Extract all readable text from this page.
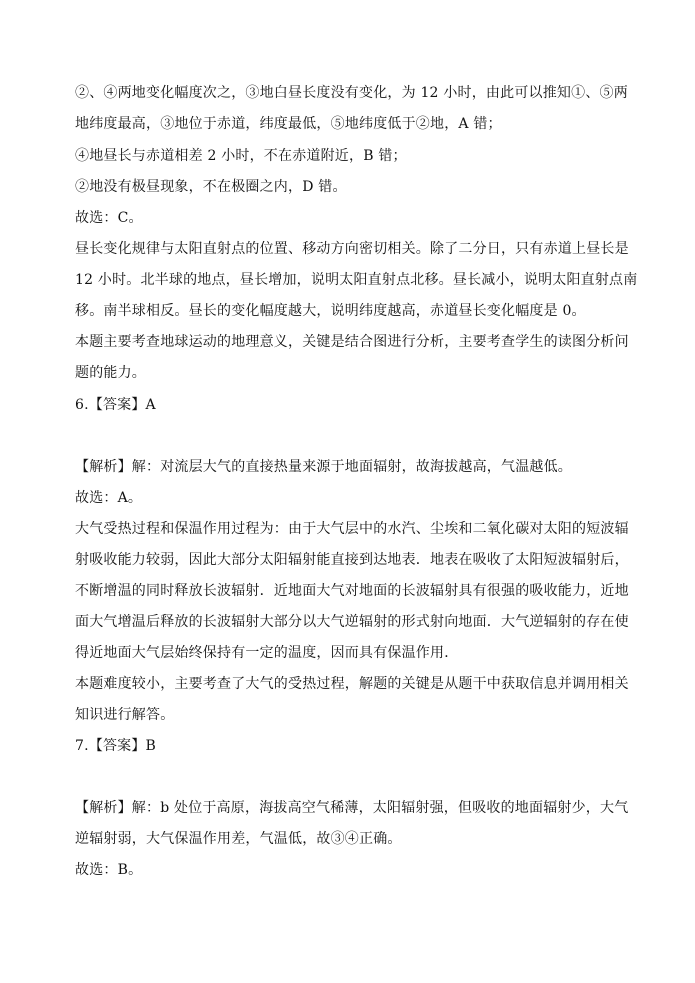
②、④两地变化幅度次之，③地白昼长度没有变化，为 12 小时，由此可以推知①、⑤两
地纬度最高，③地位于赤道，纬度最低，⑤地纬度低于②地，A 错；
④地昼长与赤道相差 2 小时，不在赤道附近，B 错；
②地没有极昼现象，不在极圈之内，D 错。
故选：C。
昼长变化规律与太阳直射点的位置、移动方向密切相关。除了二分日，只有赤道上昼长是
12 小时。北半球的地点，昼长增加，说明太阳直射点北移。昼长减小，说明太阳直射点南
移。南半球相反。昼长的变化幅度越大，说明纬度越高，赤道昼长变化幅度是 0。
本题主要考查地球运动的地理意义，关键是结合图进行分析，主要考查学生的读图分析问
题的能力。
6.【答案】A
【解析】解：对流层大气的直接热量来源于地面辐射，故海拔越高，气温越低。
故选：A。
大气受热过程和保温作用过程为：由于大气层中的水汽、尘埃和二氧化碳对太阳的短波辐
射吸收能力较弱，因此大部分太阳辐射能直接到达地表．地表在吸收了太阳短波辐射后，
不断增温的同时释放长波辐射．近地面大气对地面的长波辐射具有很强的吸收能力，近地
面大气增温后释放的长波辐射大部分以大气逆辐射的形式射向地面．大气逆辐射的存在使
得近地面大气层始终保持有一定的温度，因而具有保温作用．
本题难度较小，主要考查了大气的受热过程，解题的关键是从题干中获取信息并调用相关
知识进行解答。
7.【答案】B
【解析】解：b 处位于高原，海拔高空气稀薄，太阳辐射强，但吸收的地面辐射少，大气
逆辐射弱，大气保温作用差，气温低，故③④正确。
故选：B。
